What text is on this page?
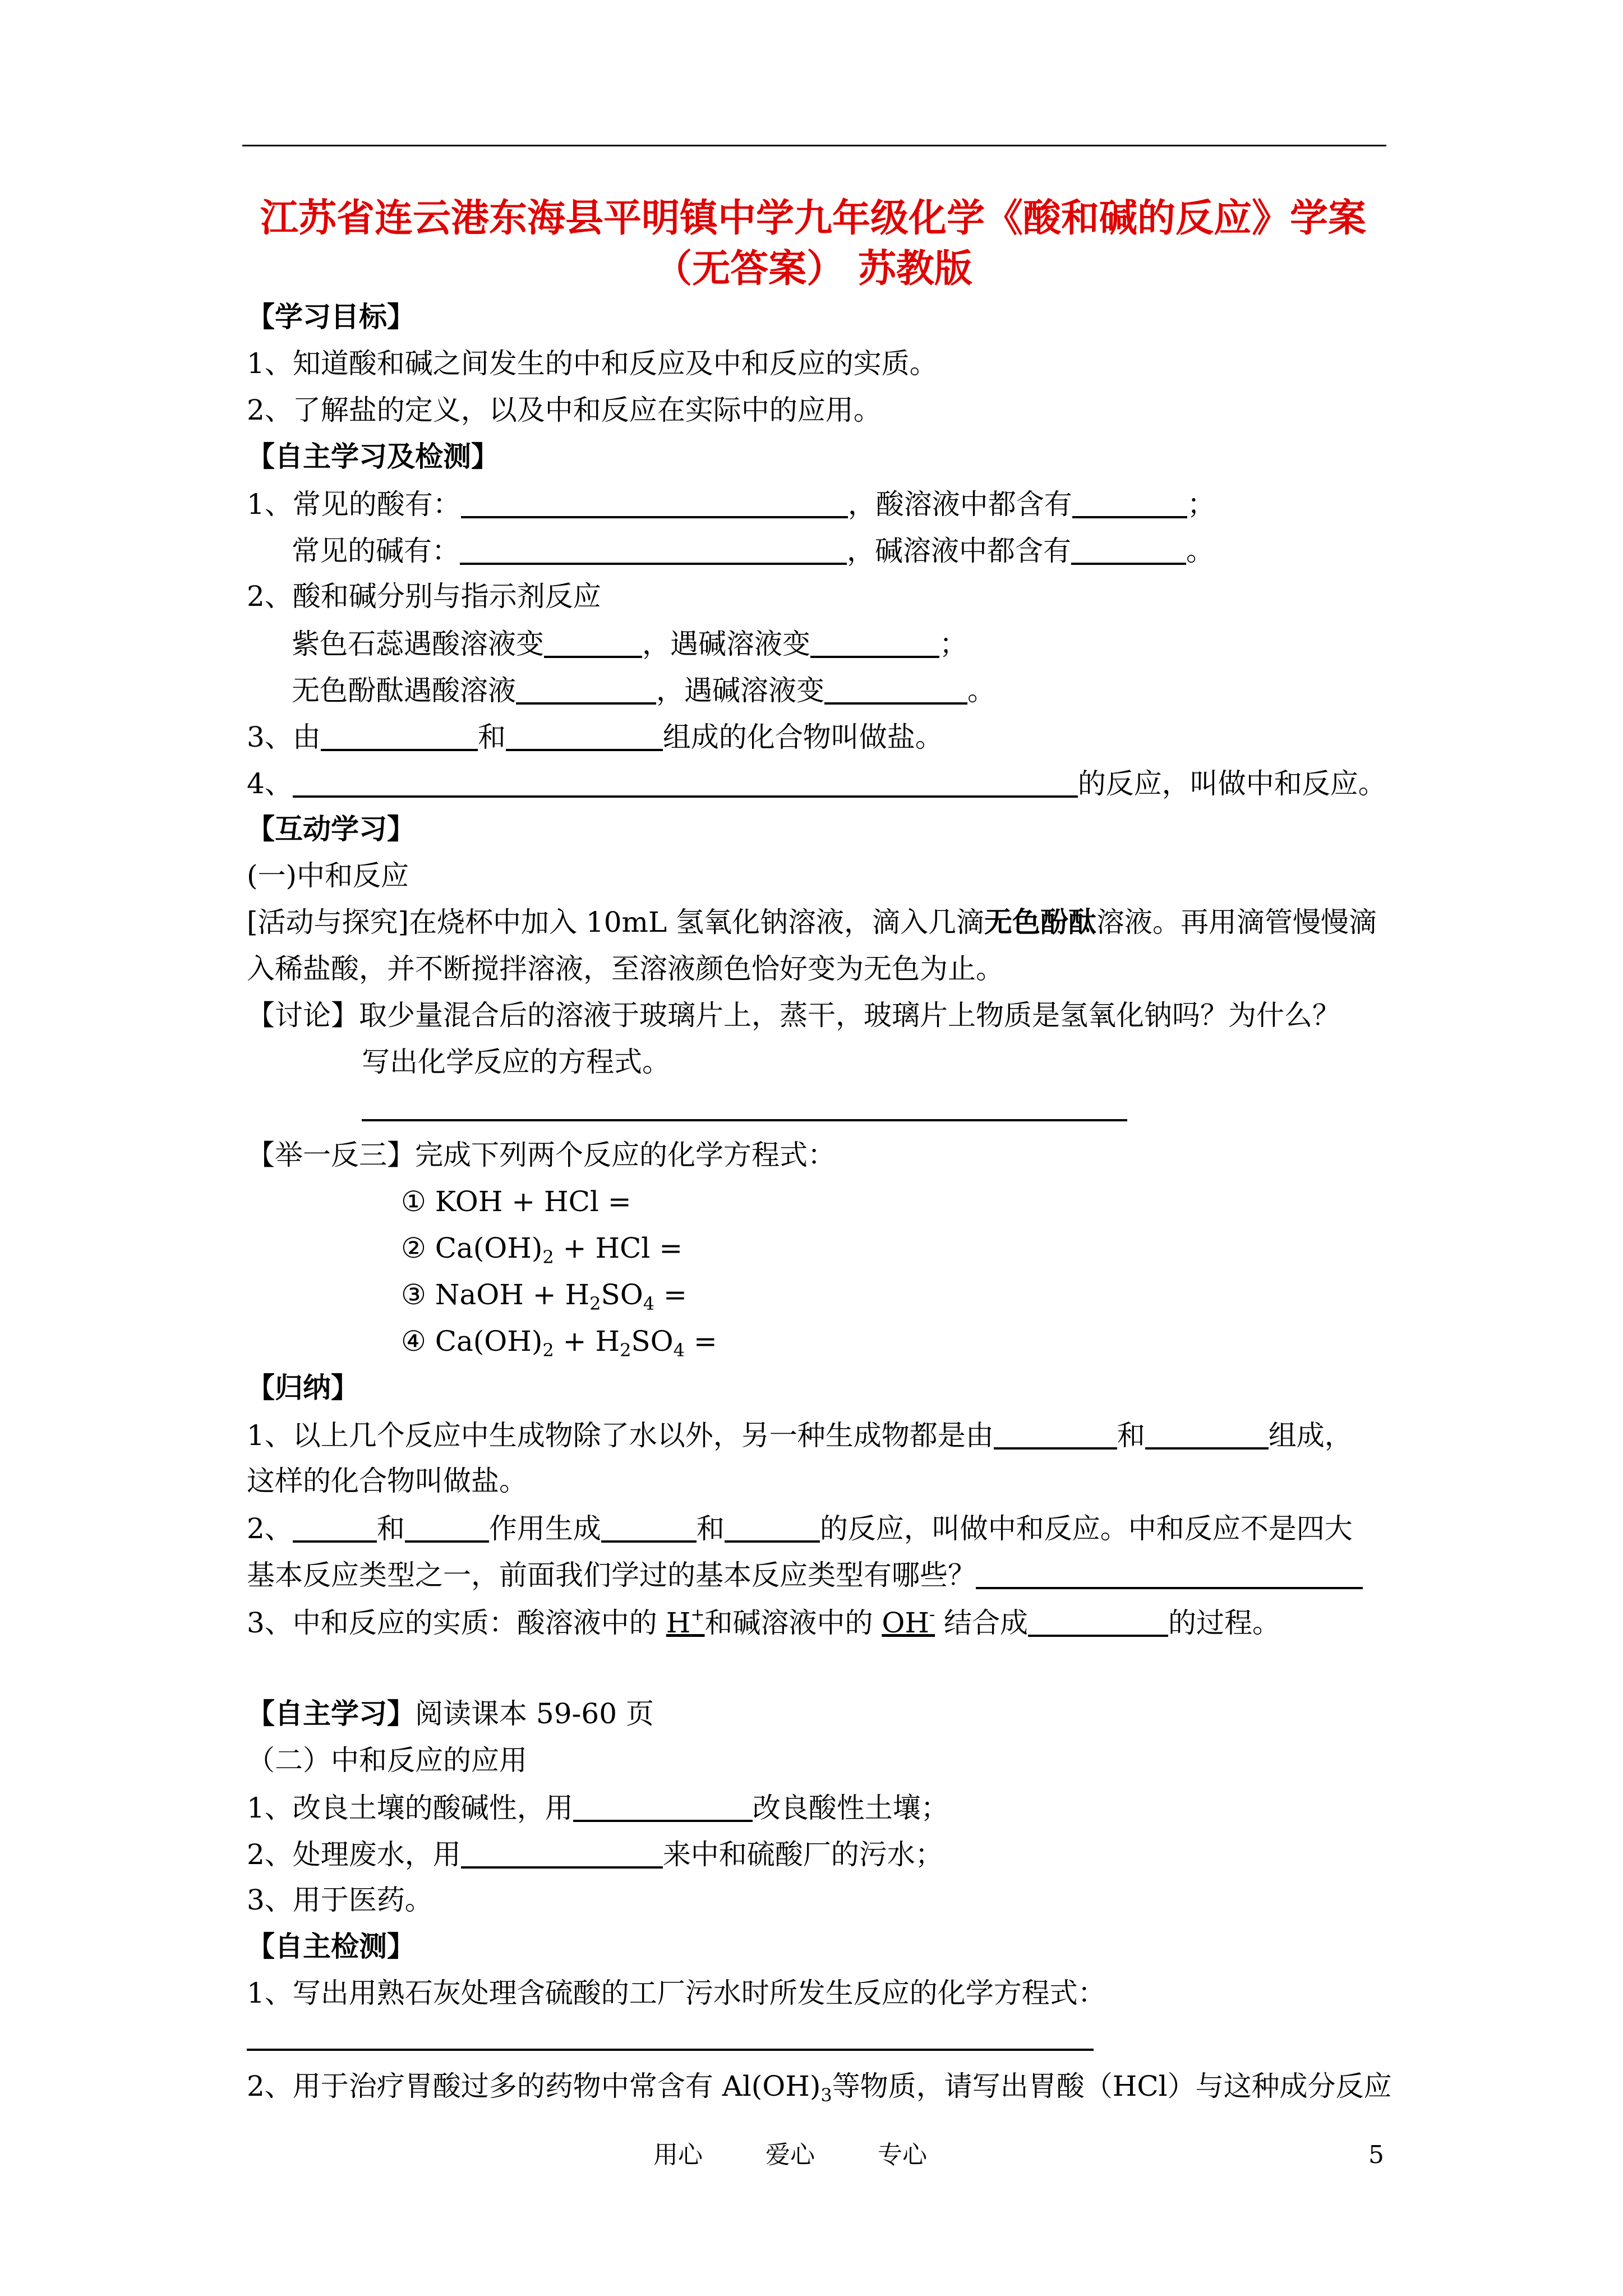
江苏省连云港东海县平明镇中学九年级化学《酸和碱的反应》学案
（无答案） 苏教版
【学习目标】
1、知道酸和碱之间发生的中和反应及中和反应的实质。
2、了解盐的定义，以及中和反应在实际中的应用。
【自主学习及检测】
1、常见的酸有：	，酸溶液中都含有	；
常见的碱有：	，碱溶液中都含有	。
2、酸和碱分别与指示剂反应
紫色石蕊遇酸溶液变	，遇碱溶液变	；
无色酚酞遇酸溶液	，遇碱溶液变	。
3、由	和	组成的化合物叫做盐。
4、	的反应，叫做中和反应。
【互动学习】
(一)中和反应
[活动与探究]在烧杯中加入 10mL 氢氧化钠溶液，滴入几滴无色酚酞溶液。再用滴管慢慢滴
入稀盐酸，并不断搅拌溶液，至溶液颜色恰好变为无色为止。
【讨论】取少量混合后的溶液于玻璃片上，蒸干，玻璃片上物质是氢氧化钠吗？为什么？
写出化学反应的方程式。
【举一反三】完成下列两个反应的化学方程式：
① KOH + HCl =
② $Ca(OH)_2$ + HCl =
③ NaOH + $H_2SO_4$ =
④ $Ca(OH)_2 + H_2SO_4$ =
【归纳】
1、以上几个反应中生成物除了水以外，另一种生成物都是由	和	组成，
这样的化合物叫做盐。
2、	和	作用生成	和	的反应，叫做中和反应。中和反应不是四大
基本反应类型之一，前面我们学过的基本反应类型有哪些？
3、中和反应的实质：酸溶液中的 H+和碱溶液中的 OH- 结合成	的过程。
【自主学习】阅读课本 59-60 页
（二）中和反应的应用
1、改良土壤的酸碱性，用	改良酸性土壤；
2、处理废水，用	来中和硫酸厂的污水；
3、用于医药。
【自主检测】
1、写出用熟石灰处理含硫酸的工厂污水时所发生反应的化学方程式：
2、用于治疗胃酸过多的药物中常含有 $Al(OH)_3$等物质，请写出胃酸（HCl）与这种成分反应
用心	爱心	专心	5
